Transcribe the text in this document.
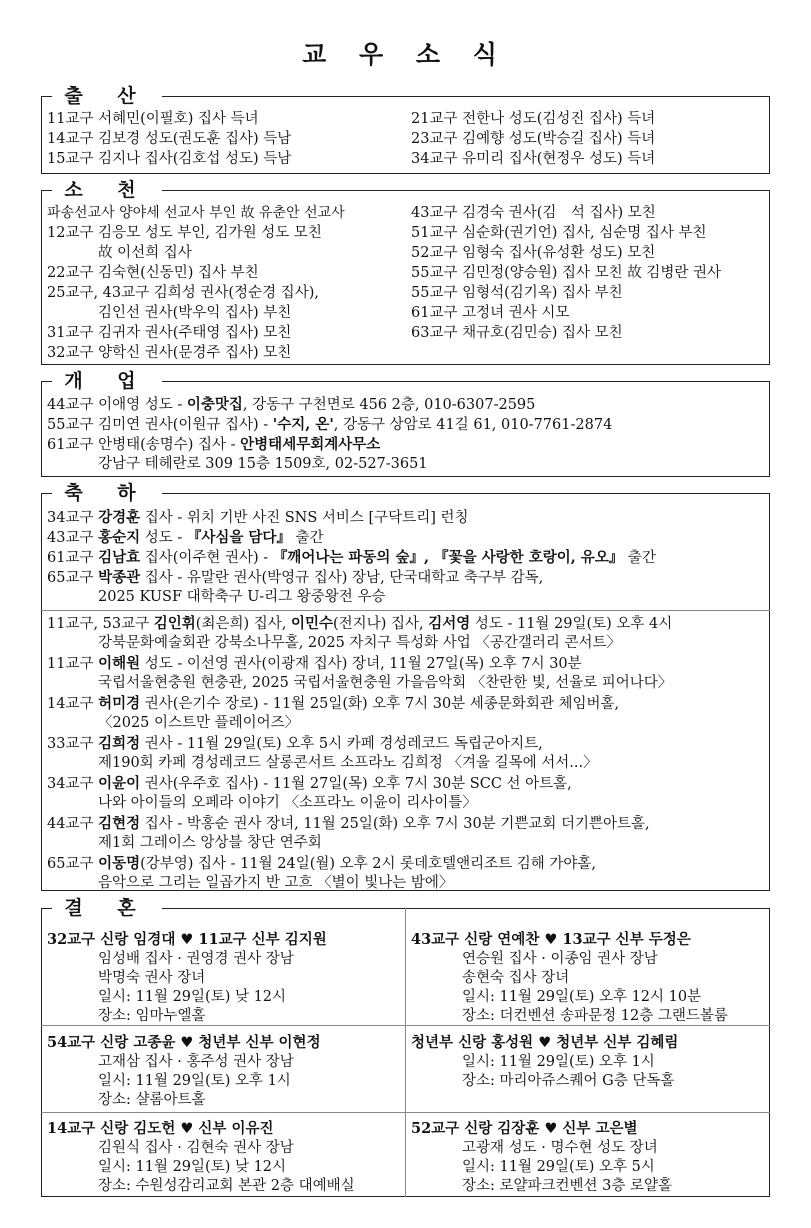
교 우 소 식
출 산
11교구 서혜민(이필호) 집사 득녀
14교구 김보경 성도(권도훈 집사) 득남
15교구 김지나 집사(김호섭 성도) 득남
21교구 전한나 성도(김성진 집사) 득녀
23교구 김예향 성도(박승길 집사) 득녀
34교구 유미리 집사(현정우 성도) 득녀
소 천
파송선교사 양야세 선교사 부인 故 유춘안 선교사
12교구 김응모 성도 부인, 김가원 성도 모친
故 이선희 집사
22교구 김숙현(신동민) 집사 부친
25교구, 43교구 김희성 권사(정순경 집사),
김인선 권사(박우익 집사) 부친
31교구 김귀자 권사(주태영 집사) 모친
32교구 양학신 권사(문경주 집사) 모친
43교구 김경숙 권사(김　석 집사) 모친
51교구 심순화(권기언) 집사, 심순명 집사 부친
52교구 임형숙 집사(유성환 성도) 모친
55교구 김민정(양승원) 집사 모친 故 김병란 권사
55교구 임형석(김기옥) 집사 부친
61교구 고정녀 권사 시모
63교구 채규호(김민승) 집사 모친
개 업
44교구 이애영 성도 - 이충맛집, 강동구 구천면로 456 2층, 010-6307-2595
55교구 김미연 권사(이원규 집사) - '수지, 온', 강동구 상암로 41길 61, 010-7761-2874
61교구 안병태(송명수) 집사 - 안병태세무회계사무소
강남구 테헤란로 309 15층 1509호, 02-527-3651
축 하
34교구 강경훈 집사 - 위치 기반 사진 SNS 서비스 [구닥트리] 런칭
43교구 홍순지 성도 - 『사심을 담다』 출간
61교구 김남효 집사(이주현 권사) - 『깨어나는 파동의 숲』, 『꽃을 사랑한 호랑이, 유오』 출간
65교구 박종관 집사 - 유말란 권사(박영규 집사) 장남, 단국대학교 축구부 감독,
2025 KUSF 대학축구 U-리그 왕중왕전 우승
11교구, 53교구 김인휘(최은희) 집사, 이민수(전지나) 집사, 김서영 성도 - 11월 29일(토) 오후 4시
강북문화예술회관 강북소나무홀, 2025 자치구 특성화 사업 〈공간갤러리 콘서트〉
11교구 이해원 성도 - 이선영 권사(이광재 집사) 장녀, 11월 27일(목) 오후 7시 30분
국립서울현충원 현충관, 2025 국립서울현충원 가을음악회 〈찬란한 빛, 선율로 피어나다〉
14교구 허미경 권사(은기수 장로) - 11월 25일(화) 오후 7시 30분 세종문화회관 체임버홀,
〈2025 이스트만 플레이어즈〉
33교구 김희정 권사 - 11월 29일(토) 오후 5시 카페 경성레코드 독립군아지트,
제190회 카페 경성레코드 살롱콘서트 소프라노 김희정 〈겨울 길목에 서서...〉
34교구 이윤이 권사(우주호 집사) - 11월 27일(목) 오후 7시 30분 SCC 선 아트홀,
나와 아이들의 오페라 이야기 〈소프라노 이윤이 리사이틀〉
44교구 김현정 집사 - 박홍순 권사 장녀, 11월 25일(화) 오후 7시 30분 기쁜교회 더기쁜아트홀,
제1회 그레이스 앙상블 창단 연주회
65교구 이동명(강부영) 집사 - 11월 24일(월) 오후 2시 롯데호텔앤리조트 김해 가야홀,
음악으로 그리는 일곱가지 반 고흐 〈별이 빛나는 밤에〉
결 혼
32교구 신랑 임경대 ♥ 11교구 신부 김지원
임성배 집사 · 권영경 권사 장남
박명숙 권사 장녀
일시: 11월 29일(토) 낮 12시
장소: 임마누엘홀
43교구 신랑 연예찬 ♥ 13교구 신부 두정은
연승원 집사 · 이종임 권사 장남
송현숙 집사 장녀
일시: 11월 29일(토) 오후 12시 10분
장소: 더컨벤션 송파문정 12층 그랜드볼룸
54교구 신랑 고종윤 ♥ 청년부 신부 이현정
고재삼 집사 · 홍주성 권사 장남
일시: 11월 29일(토) 오후 1시
장소: 샬롬아트홀
청년부 신랑 홍성원 ♥ 청년부 신부 김혜림
일시: 11월 29일(토) 오후 1시
장소: 마리아쥬스퀘어 G층 단독홀
14교구 신랑 김도헌 ♥ 신부 이유진
김원식 집사 · 김현숙 권사 장남
일시: 11월 29일(토) 낮 12시
장소: 수원성감리교회 본관 2층 대예배실
52교구 신랑 김장훈 ♥ 신부 고은별
고광재 성도 · 명수현 성도 장녀
일시: 11월 29일(토) 오후 5시
장소: 로얄파크컨벤션 3층 로얄홀
